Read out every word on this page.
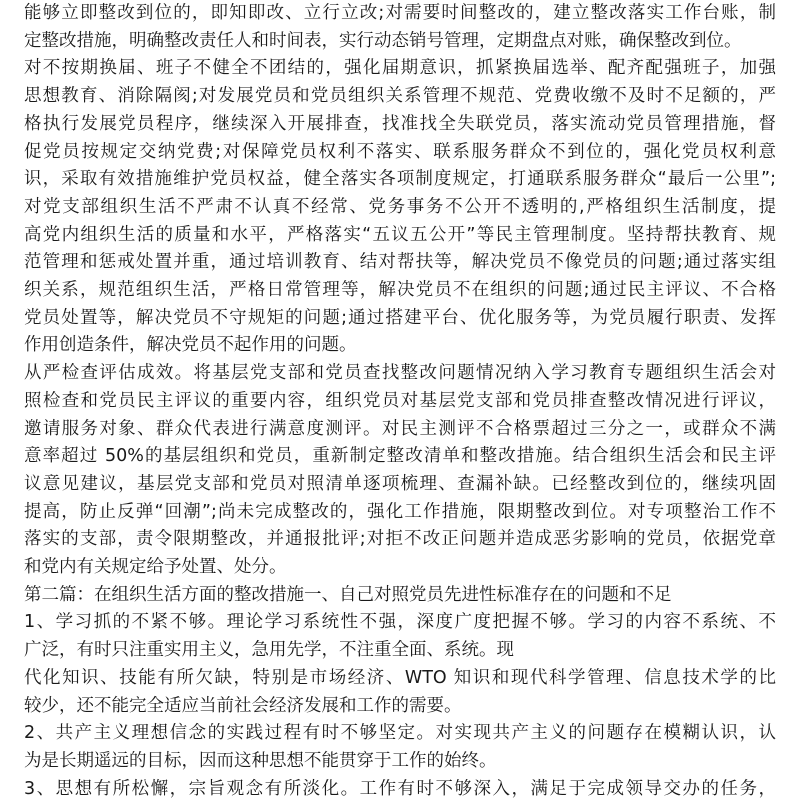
能够立即整改到位的，即知即改、立行立改;对需要时间整改的，建立整改落实工作台账，制
定整改措施，明确整改责任人和时间表，实行动态销号管理，定期盘点对账，确保整改到位。
对不按期换届、班子不健全不团结的，强化届期意识，抓紧换届选举、配齐配强班子，加强
思想教育、消除隔阂;对发展党员和党员组织关系管理不规范、党费收缴不及时不足额的，严
格执行发展党员程序，继续深入开展排查，找准找全失联党员，落实流动党员管理措施，督
促党员按规定交纳党费;对保障党员权利不落实、联系服务群众不到位的，强化党员权利意
识，采取有效措施维护党员权益，健全落实各项制度规定，打通联系服务群众“最后一公里”;
对党支部组织生活不严肃不认真不经常、党务事务不公开不透明的,严格组织生活制度，提
高党内组织生活的质量和水平，严格落实“五议五公开”等民主管理制度。坚持帮扶教育、规
范管理和惩戒处置并重，通过培训教育、结对帮扶等，解决党员不像党员的问题;通过落实组
织关系，规范组织生活，严格日常管理等，解决党员不在组织的问题;通过民主评议、不合格
党员处置等，解决党员不守规矩的问题;通过搭建平台、优化服务等，为党员履行职责、发挥
作用创造条件，解决党员不起作用的问题。
从严检查评估成效。将基层党支部和党员查找整改问题情况纳入学习教育专题组织生活会对
照检查和党员民主评议的重要内容，组织党员对基层党支部和党员排查整改情况进行评议，
邀请服务对象、群众代表进行满意度测评。对民主测评不合格票超过三分之一，或群众不满
意率超过 50%的基层组织和党员，重新制定整改清单和整改措施。结合组织生活会和民主评
议意见建议，基层党支部和党员对照清单逐项梳理、查漏补缺。已经整改到位的，继续巩固
提高，防止反弹“回潮”;尚未完成整改的，强化工作措施，限期整改到位。对专项整治工作不
落实的支部，责令限期整改，并通报批评;对拒不改正问题并造成恶劣影响的党员，依据党章
和党内有关规定给予处置、处分。
第二篇：在组织生活方面的整改措施一、自己对照党员先进性标准存在的问题和不足
1、学习抓的不紧不够。理论学习系统性不强，深度广度把握不够。学习的内容不系统、不
广泛，有时只注重实用主义，急用先学，不注重全面、系统。现
代化知识、技能有所欠缺，特别是市场经济、WTO 知识和现代科学管理、信息技术学的比
较少，还不能完全适应当前社会经济发展和工作的需要。
2、共产主义理想信念的实践过程有时不够坚定。对实现共产主义的问题存在模糊认识，认
为是长期遥远的目标，因而这种思想不能贯穿于工作的始终。
3、思想有所松懈，宗旨观念有所淡化。工作有时不够深入，满足于完成领导交办的任务，
